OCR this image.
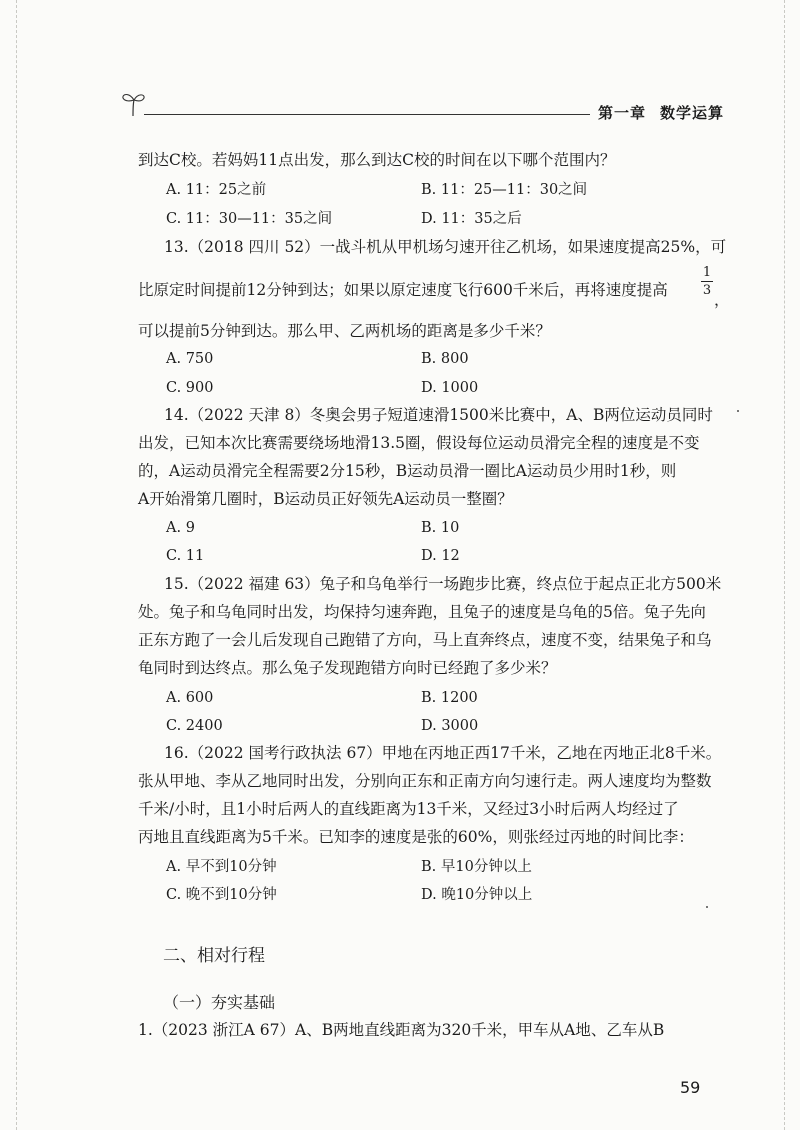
第一章 数学运算
到达C校。若妈妈11点出发，那么到达C校的时间在以下哪个范围内？
A. 11：25之前	B. 11：25—11：30之间
C. 11：30—11：35之间	D. 11：35之后
13.（2018 四川 52）一战斗机从甲机场匀速开往乙机场，如果速度提高25%，可
比原定时间提前12分钟到达；如果以原定速度飞行600千米后，再将速度提高
1
3
，
可以提前5分钟到达。那么甲、乙两机场的距离是多少千米？
A. 750	B. 800
C. 900	D. 1000
14.（2022 天津 8）冬奥会男子短道速滑1500米比赛中，A、B两位运动员同时
出发，已知本次比赛需要绕场地滑13.5圈，假设每位运动员滑完全程的速度是不变
的，A运动员滑完全程需要2分15秒，B运动员滑一圈比A运动员少用时1秒，则
A开始滑第几圈时，B运动员正好领先A运动员一整圈？
A. 9	B. 10
C. 11	D. 12
15.（2022 福建 63）兔子和乌龟举行一场跑步比赛，终点位于起点正北方500米
处。兔子和乌龟同时出发，均保持匀速奔跑，且兔子的速度是乌龟的5倍。兔子先向
正东方跑了一会儿后发现自己跑错了方向，马上直奔终点，速度不变，结果兔子和乌
龟同时到达终点。那么兔子发现跑错方向时已经跑了多少米？
A. 600	B. 1200
C. 2400	D. 3000
16.（2022 国考行政执法 67）甲地在丙地正西17千米，乙地在丙地正北8千米。
张从甲地、李从乙地同时出发，分别向正东和正南方向匀速行走。两人速度均为整数
千米/小时，且1小时后两人的直线距离为13千米，又经过3小时后两人均经过了
丙地且直线距离为5千米。已知李的速度是张的60%，则张经过丙地的时间比李：
A. 早不到10分钟	B. 早10分钟以上
C. 晚不到10分钟	D. 晚10分钟以上
二、相对行程
（一）夯实基础
1.（2023 浙江A 67）A、B两地直线距离为320千米，甲车从A地、乙车从B
59
